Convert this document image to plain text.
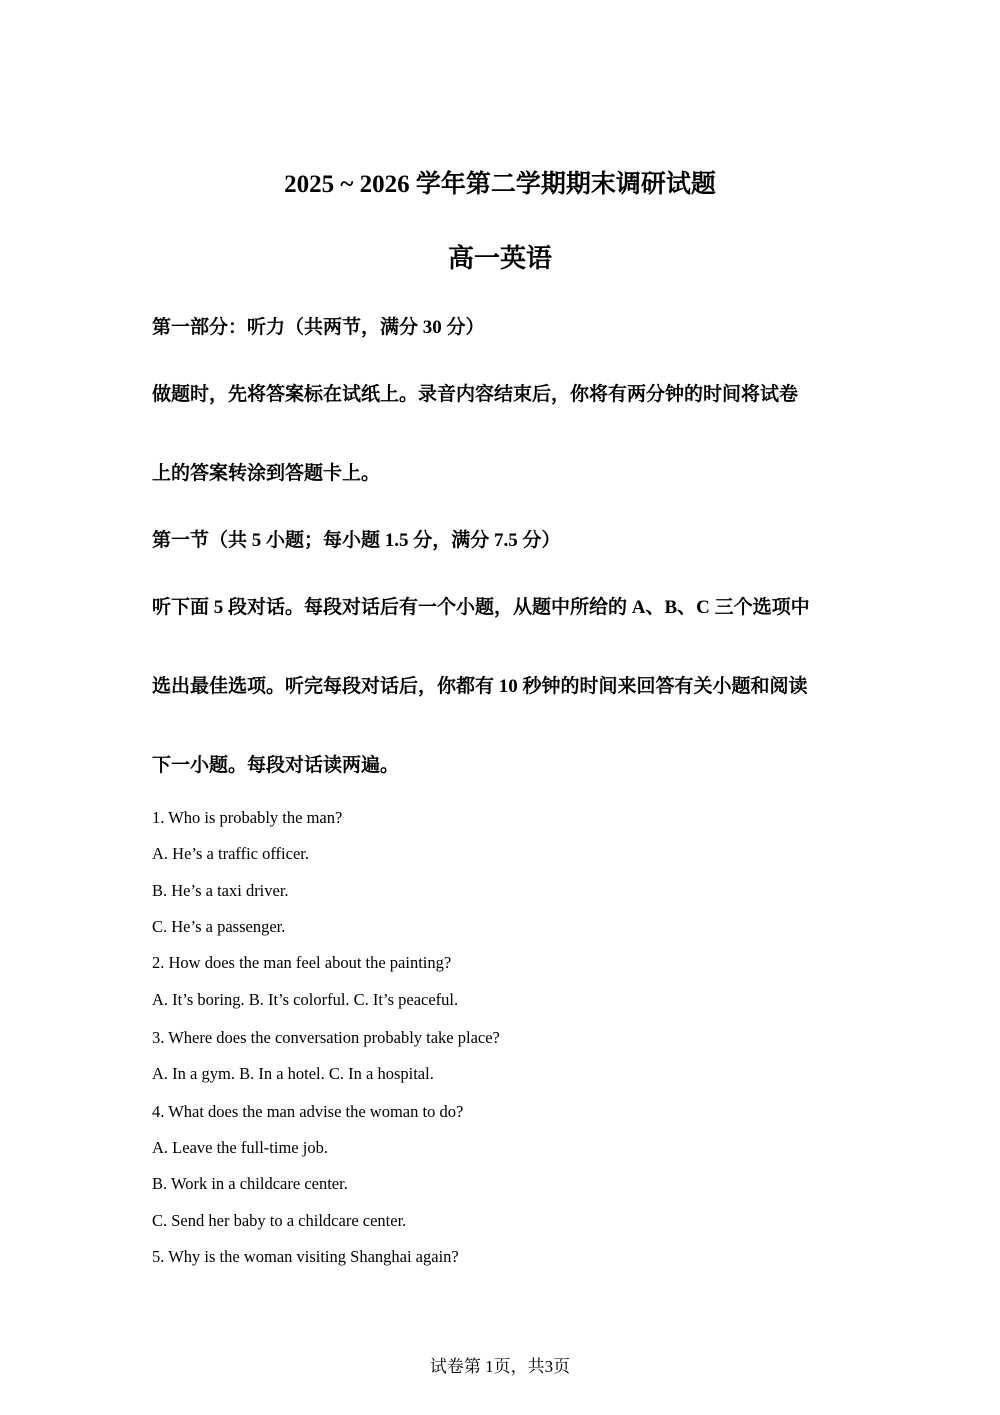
2025 ~ 2026 学年第二学期期末调研试题
高一英语

第一部分：听力（共两节，满分 30 分）

做题时，先将答案标在试纸上。录音内容结束后，你将有两分钟的时间将试卷

上的答案转涂到答题卡上。

第一节（共 5 小题；每小题 1.5 分，满分 7.5 分）

听下面 5 段对话。每段对话后有一个小题，从题中所给的 A、B、C 三个选项中

选出最佳选项。听完每段对话后，你都有 10 秒钟的时间来回答有关小题和阅读

下一小题。每段对话读两遍。

1. Who is probably the man?

A. He’s a traffic officer.

B. He’s a taxi driver.

C. He’s a passenger.

2. How does the man feel about the painting?

A. It’s boring. B. It’s colorful. C. It’s peaceful.

3. Where does the conversation probably take place?

A. In a gym. B. In a hotel. C. In a hospital.

4. What does the man advise the woman to do?

A. Leave the full-time job.

B. Work in a childcare center.

C. Send her baby to a childcare center.

5. Why is the woman visiting Shanghai again?

试卷第 1页，共3页
